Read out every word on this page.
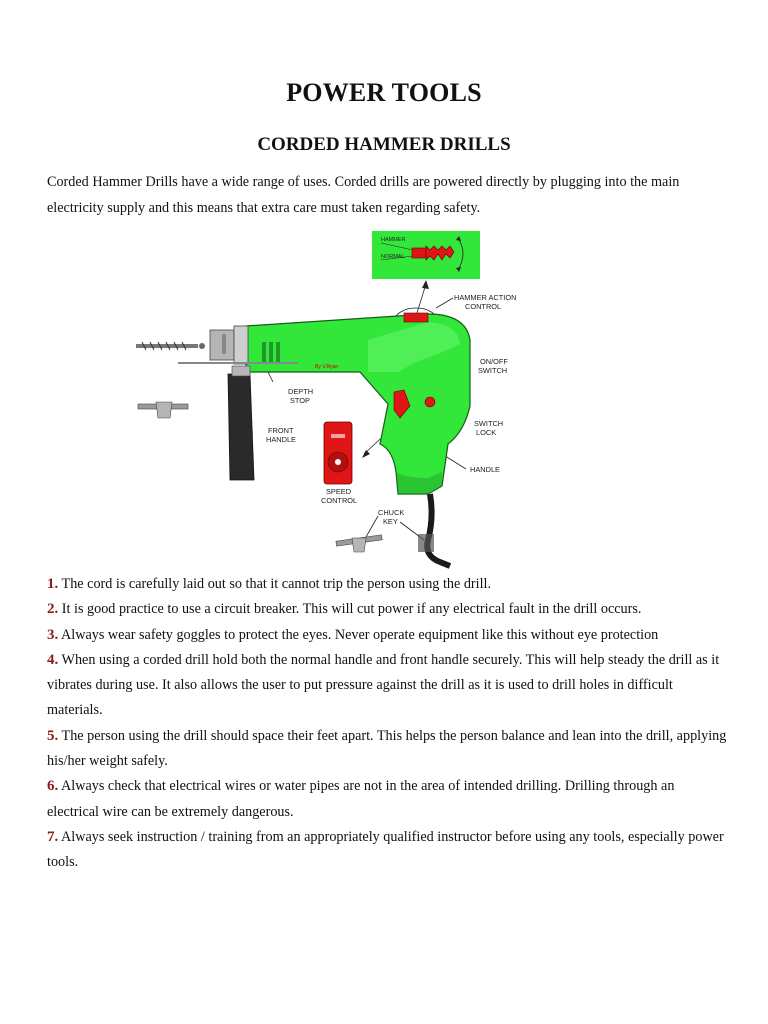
POWER TOOLS
CORDED HAMMER DRILLS

Corded Hammer Drills have a wide range of uses. Corded drills are powered directly by plugging into the main electricity supply and this means that extra care must taken regarding safety.

HAMMER
NORMAL
By V.Ryan
HAMMER ACTION CONTROL
ON/OFF SWITCH
SWITCH LOCK
HANDLE
DEPTH STOP
FRONT HANDLE
SPEED CONTROL
CHUCK KEY
1. The cord is carefully laid out so that it cannot trip the person using the drill.
2. It is good practice to use a circuit breaker. This will cut power if any electrical fault in the drill occurs.
3. Always wear safety goggles to protect the eyes. Never operate equipment like this without eye protection
4. When using a corded drill hold both the normal handle and front handle securely. This will help steady the drill as it vibrates during use. It also allows the user to put pressure against the drill as it is used to drill holes in difficult materials.
5. The person using the drill should space their feet apart. This helps the person balance and lean into the drill, applying his/her weight safely.
6. Always check that electrical wires or water pipes are not in the area of intended drilling. Drilling through an electrical wire can be extremely dangerous.
7. Always seek instruction / training from an appropriately qualified instructor before using any tools, especially power tools.
